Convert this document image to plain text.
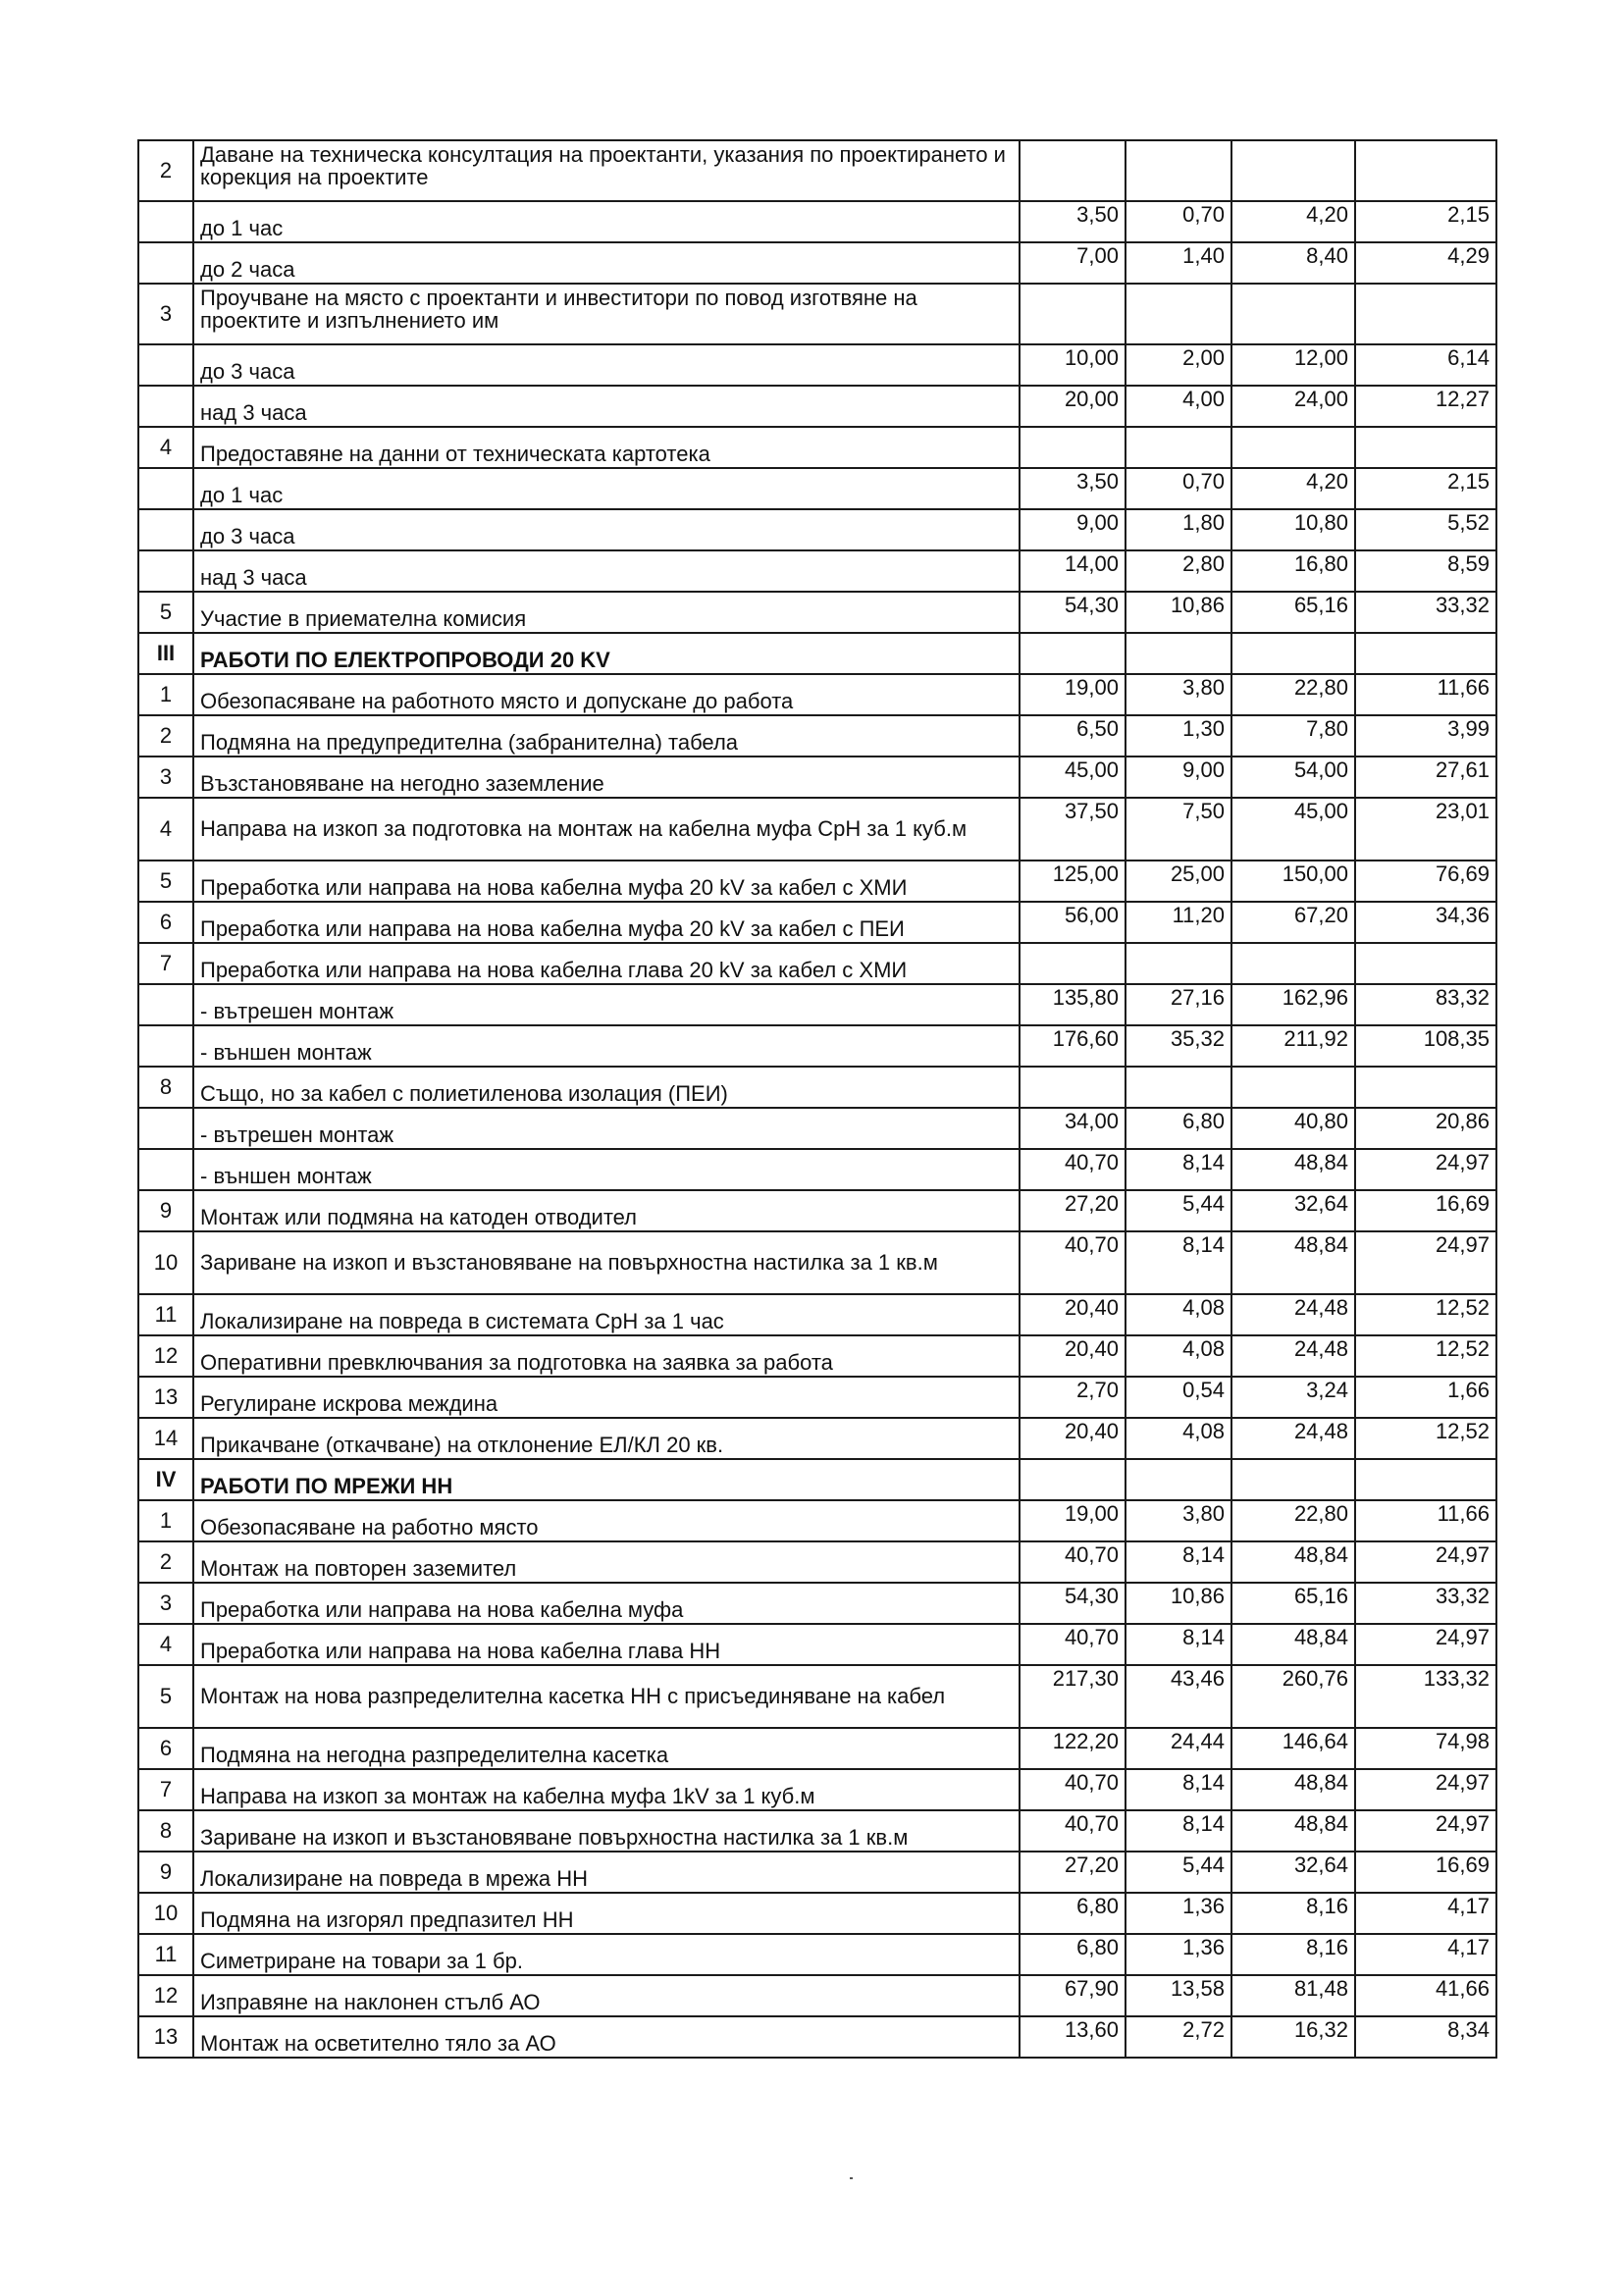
2	Даване на техническа консултация на проектанти, указания по проектирането и корекция на проектите				
	до 1 час	3,50	0,70	4,20	2,15
	до 2 часа	7,00	1,40	8,40	4,29
3	Проучване на място с проектанти и инвеститори по повод изготвяне на проектите и изпълнението им				
	до 3 часа	10,00	2,00	12,00	6,14
	над 3 часа	20,00	4,00	24,00	12,27
4	Предоставяне на данни от техническата картотека				
	до 1 час	3,50	0,70	4,20	2,15
	до 3 часа	9,00	1,80	10,80	5,52
	над 3 часа	14,00	2,80	16,80	8,59
5	Участие в приемателна комисия	54,30	10,86	65,16	33,32
III	РАБОТИ ПО ЕЛЕКТРОПРОВОДИ 20 KV				
1	Обезопасяване на работното място и допускане до работа	19,00	3,80	22,80	11,66
2	Подмяна на предупредителна (забранителна) табела	6,50	1,30	7,80	3,99
3	Възстановяване на негодно заземление	45,00	9,00	54,00	27,61
4	Направа на изкоп за подготовка на монтаж на кабелна муфа СрН за 1 куб.м	37,50	7,50	45,00	23,01
5	Преработка или направа на нова кабелна муфа 20 kV за кабел с ХМИ	125,00	25,00	150,00	76,69
6	Преработка или направа на нова кабелна муфа 20 kV за кабел с ПЕИ	56,00	11,20	67,20	34,36
7	Преработка или направа на нова кабелна глава 20 kV за кабел с ХМИ				
	- вътрешен монтаж	135,80	27,16	162,96	83,32
	- външен монтаж	176,60	35,32	211,92	108,35
8	Също, но за кабел с полиетиленова изолация (ПЕИ)				
	- вътрешен монтаж	34,00	6,80	40,80	20,86
	- външен монтаж	40,70	8,14	48,84	24,97
9	Монтаж или подмяна на катоден отводител	27,20	5,44	32,64	16,69
10	Зариване на изкоп и възстановяване на повърхностна настилка за 1 кв.м	40,70	8,14	48,84	24,97
11	Локализиране на повреда в системата СрН за 1 час	20,40	4,08	24,48	12,52
12	Оперативни превключвания за подготовка на заявка за работа	20,40	4,08	24,48	12,52
13	Регулиране искрова междина	2,70	0,54	3,24	1,66
14	Прикачване (откачване) на отклонение ЕЛ/КЛ 20 кв.	20,40	4,08	24,48	12,52
IV	РАБОТИ ПО МРЕЖИ НН				
1	Обезопасяване на работно място	19,00	3,80	22,80	11,66
2	Монтаж на повторен заземител	40,70	8,14	48,84	24,97
3	Преработка или направа на нова кабелна муфа	54,30	10,86	65,16	33,32
4	Преработка или направа на нова кабелна глава НН	40,70	8,14	48,84	24,97
5	Монтаж на нова разпределителна касетка НН с присъединяване на кабел	217,30	43,46	260,76	133,32
6	Подмяна на негодна разпределителна касетка	122,20	24,44	146,64	74,98
7	Направа на изкоп за монтаж на кабелна муфа 1kV за 1 куб.м	40,70	8,14	48,84	24,97
8	Зариване на изкоп и възстановяване повърхностна настилка за 1 кв.м	40,70	8,14	48,84	24,97
9	Локализиране на повреда в мрежа НН	27,20	5,44	32,64	16,69
10	Подмяна на изгорял предпазител НН	6,80	1,36	8,16	4,17
11	Симетриране на товари за 1 бр.	6,80	1,36	8,16	4,17
12	Изправяне на наклонен стълб АО	67,90	13,58	81,48	41,66
13	Монтаж на осветително тяло за АО	13,60	2,72	16,32	8,34
